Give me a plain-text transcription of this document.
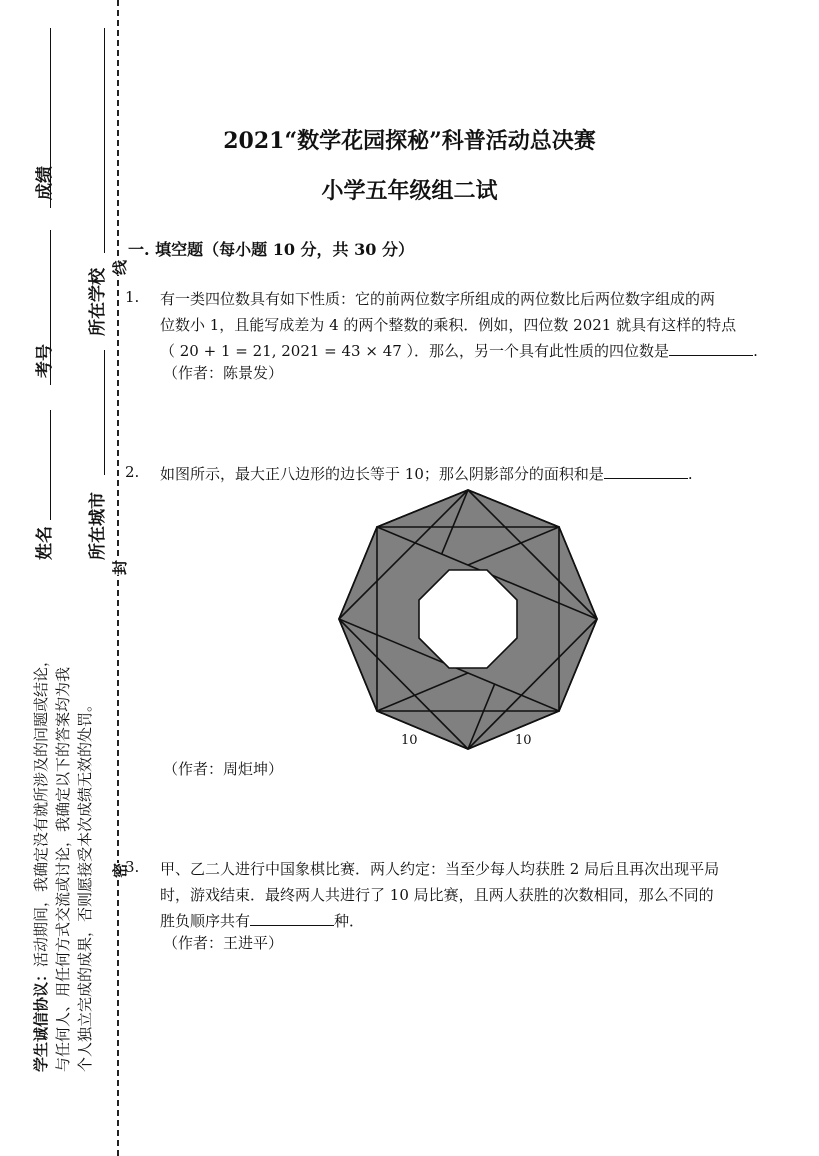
成绩
考号
姓名
所在学校
所在城市
线
封
密
学生诚信协议：活动期间，我确定没有就所涉及的问题或结论， 与任何人、用任何方式交流或讨论，我确定以下的答案均为我 个人独立完成的成果，否则愿接受本次成绩无效的处罚。
2021“数学花园探秘”科普活动总决赛
小学五年级组二试
一. 填空题（每小题 10 分，共 30 分）
1. 有一类四位数具有如下性质：它的前两位数字所组成的两位数比后两位数字组成的两
位数小 1，且能写成差为 4 的两个整数的乘积．例如，四位数 2021 就具有这样的特点
（ 20 + 1 = 21, 2021 = 43 × 47 ）．那么，另一个具有此性质的四位数是	.
（作者：陈景发）
2. 如图所示，最大正八边形的边长等于 10；那么阴影部分的面积和是	.
10	10
（作者：周炬坤）
3. 甲、乙二人进行中国象棋比赛．两人约定：当至少每人均获胜 2 局后且再次出现平局
时，游戏结束．最终两人共进行了 10 局比赛，且两人获胜的次数相同，那么不同的
胜负顺序共有	种．
（作者：王进平）
